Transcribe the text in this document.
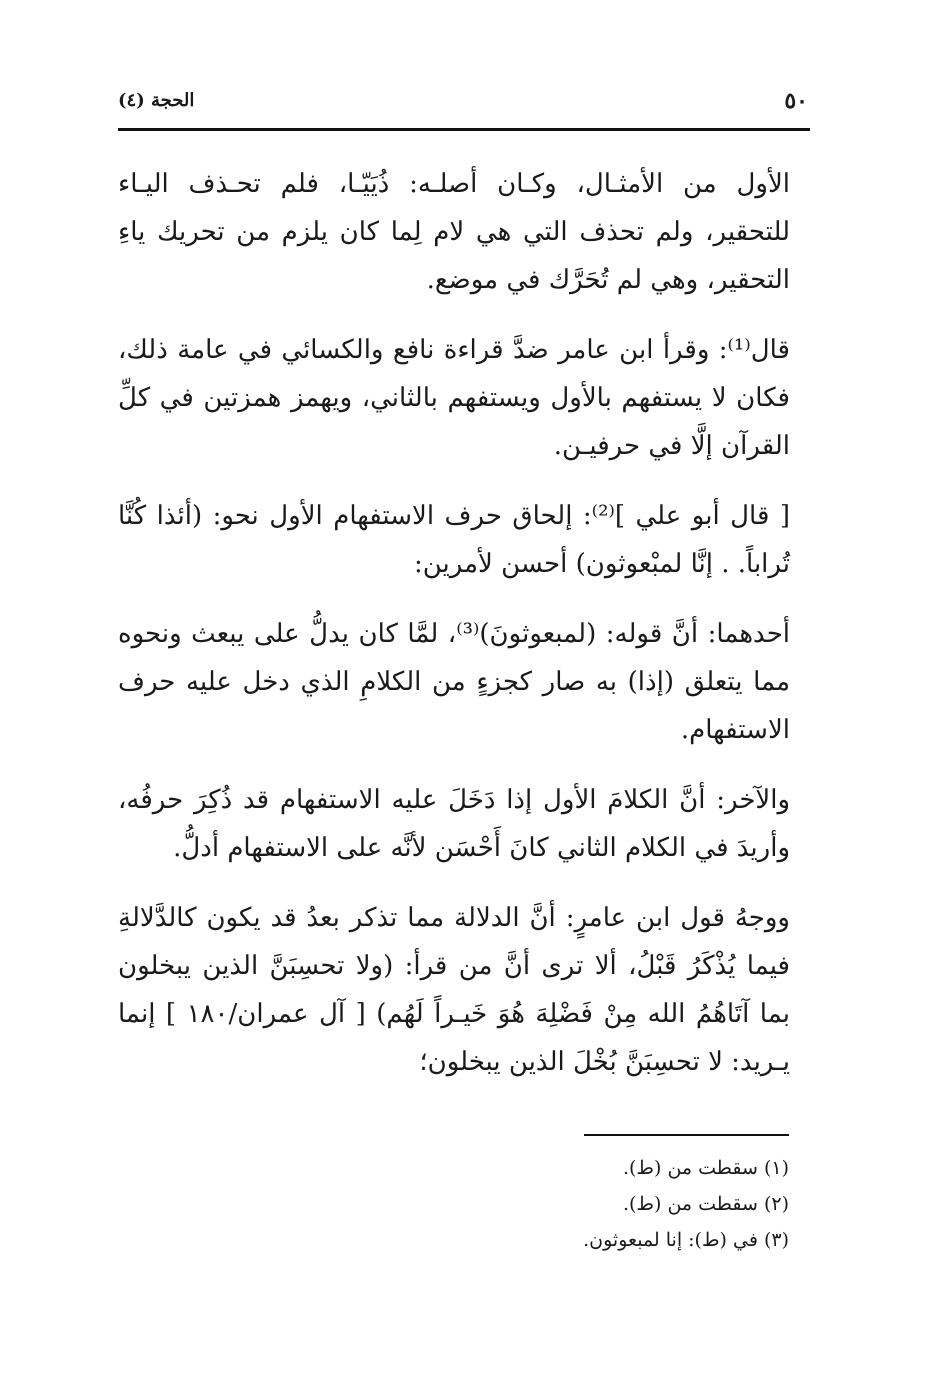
٥٠
الحجة (٤)

الأول من الأمثـال، وكـان أصلـه: ذُيَيّـا، فلم تحـذف اليـاء للتحقير، ولم تحذف التي هي لام لِما كان يلزم من تحريك ياءِ التحقير، وهي لم تُحَرَّك في موضع.

قال⁽¹⁾: وقرأ ابن عامر ضدَّ قراءة نافع والكسائي في عامة ذلك، فكان لا يستفهم بالأول ويستفهم بالثاني، ويهمز همزتين في كلِّ القرآن إلَّا في حرفيـن.

[ قال أبو علي ]⁽²⁾: إلحاق حرف الاستفهام الأول نحو: (أئذا كُنَّا تُراباً. . إنَّا لمبْعوثون) أحسن لأمرين:

أحدهما: أنَّ قوله: (لمبعوثونَ)⁽³⁾، لمَّا كان يدلُّ على يبعث ونحوه مما يتعلق (إذا) به صار كجزءٍ من الكلامِ الذي دخل عليه حرف الاستفهام.

والآخر: أنَّ الكلامَ الأول إذا دَخَلَ عليه الاستفهام قد ذُكِرَ حرفُه، وأريدَ في الكلام الثاني كانَ أَحْسَن لأنَّه على الاستفهام أدلُّ.

ووجهُ قول ابن عامرٍ: أنَّ الدلالة مما تذكر بعدُ قد يكون كالدَّلالةِ فيما يُذْكَرُ قَبْلُ، ألا ترى أنَّ من قرأ: (ولا تحسِبَنَّ الذين يبخلون بما آتَاهُمُ الله مِنْ فَضْلِهَ هُوَ خَيـراً لَهُم) [ آل عمران/١٨٠ ] إنما يـريد: لا تحسِبَنَّ بُخْلَ الذين يبخلون؛

(١) سقطت من (ط).

(٢) سقطت من (ط).

(٣) في (ط): إنا لمبعوثون.
